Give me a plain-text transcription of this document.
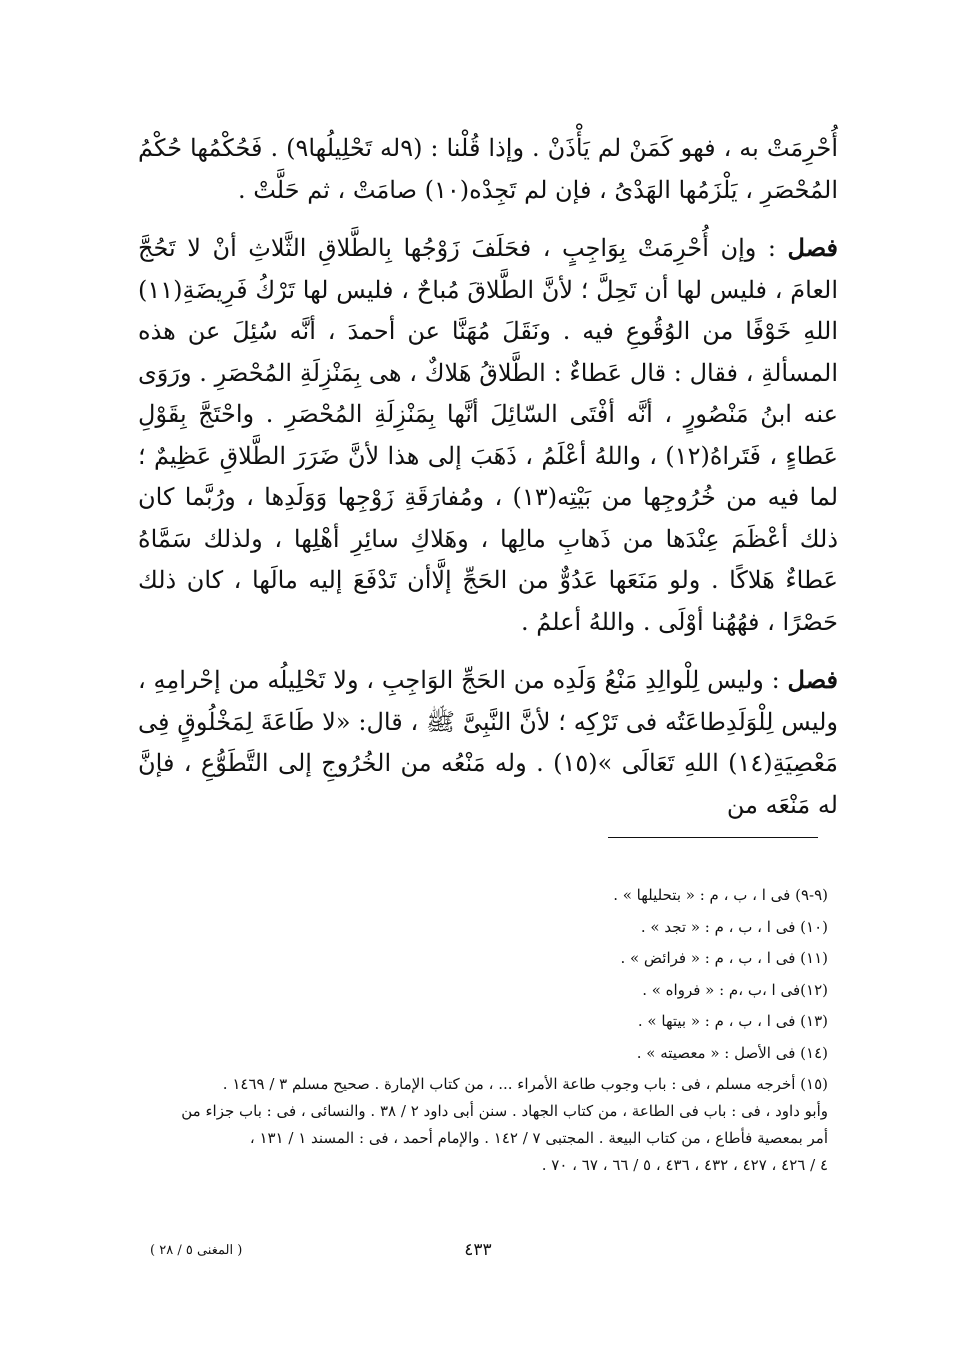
أُحْرِمَتْ به ، فهو كَمَنْ لم يَأْذَنْ . وإذا قُلْنا : (٩له تَحْلِيلُها٩) . فَحُكْمُها حُكْمُ المُحْصَرِ ، يَلْزَمُها الهَدْىُ ، فإن لم تَجِدْه(١٠) صامَتْ ، ثم حَلَّتْ .

فصل : وإن أُحْرِمَتْ بِوَاجِبٍ ، فحَلَفَ زَوْجُها بِالطَّلاقِ الثَّلاثِ أنْ لا تَحُجَّ العامَ ، فليس لها أن تَحِلَّ ؛ لأنَّ الطَّلاقَ مُباحٌ ، فليس لها تَرْكُ فَرِيضَةِ(١١) اللهِ خَوْفًا من الوُقُوعِ فيه . ونَقَلَ مُهَنَّا عن أحمدَ ، أنَّه سُئِلَ عن هذه المسألةِ ، فقال : قال عَطاءٌ : الطَّلاقُ هَلاكٌ ، هى بِمَنْزِلَةِ المُحْصَرِ . ورَوَى عنه ابنُ مَنْصُورٍ ، أنَّه أفْتَى السّائِلَ أنَّها بِمَنْزِلَةِ المُحْصَرِ . واحْتَجَّ بِقَوْلِ عَطاءٍ ، فَتَراهُ(١٢) ، واللهُ أعْلَمُ ، ذَهَبَ إلى هذا لأنَّ ضَرَرَ الطَّلاقِ عَظِيمٌ ؛ لما فيه من خُرُوجِها من بَيْتِه(١٣) ، ومُفارَقَةِ زَوْجِها وَوَلَدِها ، ورُبَّما كان ذلك أعْظَمَ عِنْدَها من ذَهابِ مالِها ، وهَلاكِ سائِرِ أهْلِها ، ولذلك سَمَّاهُ عَطاءٌ هَلاكًا . ولو مَنَعَها عَدُوٌّ من الحَجِّ إلَّاأن تَدْفَعَ إليه مالَها ، كان ذلك حَصْرًا ، فهُهُنا أوْلَى . واللهُ أعلمُ .

فصل : وليس لِلْوالِدِ مَنْعُ وَلَدِه من الحَجِّ الوَاجِبِ ، ولا تَحْلِيلُه من إحْرامِهِ ، وليس لِلْوَلَدِطاعَتُه فى تَرْكِه ؛ لأنَّ النَّبِىَّ ﷺ ، قال: «لا طَاعَةَ لِمَخْلُوقٍ فِى مَعْصِيَةِ(١٤) اللهِ تَعَالَى »(١٥) . وله مَنْعُه من الخُرُوجِ إلى التَّطَوُّعِ ، فإنَّ له مَنْعَه من

(٩-٩) فى ا ، ب ، م : « بتحليلها » .

(١٠) فى ا ، ب ، م : « تجد » .

(١١) فى ا ، ب ، م : « فرائض » .

(١٢)فى ا ،ب ،م : « فرواه » .

(١٣) فى ا ، ب ، م : « بيتها » .

(١٤) فى الأصل : « معصيته » .

(١٥) أخرجه مسلم ، فى : باب وجوب طاعة الأمراء ... ، من كتاب الإمارة . صحيح مسلم ٣ / ١٤٦٩ .

وأبو داود ، فى : باب فى الطاعة ، من كتاب الجهاد . سنن أبى داود ٢ / ٣٨ . والنسائى ، فى : باب جزاء من

أمر بمعصية فأطاع ، من كتاب البيعة . المجتبى ٧ / ١٤٢ . والإمام أحمد ، فى : المسند ١ / ١٣١ ،

٤ / ٤٢٦ ، ٤٢٧ ، ٤٣٢ ، ٤٣٦ ، ٥ / ٦٦ ، ٦٧ ، ٧٠ .

٤٣٣
( المغنى ٥ / ٢٨ )
